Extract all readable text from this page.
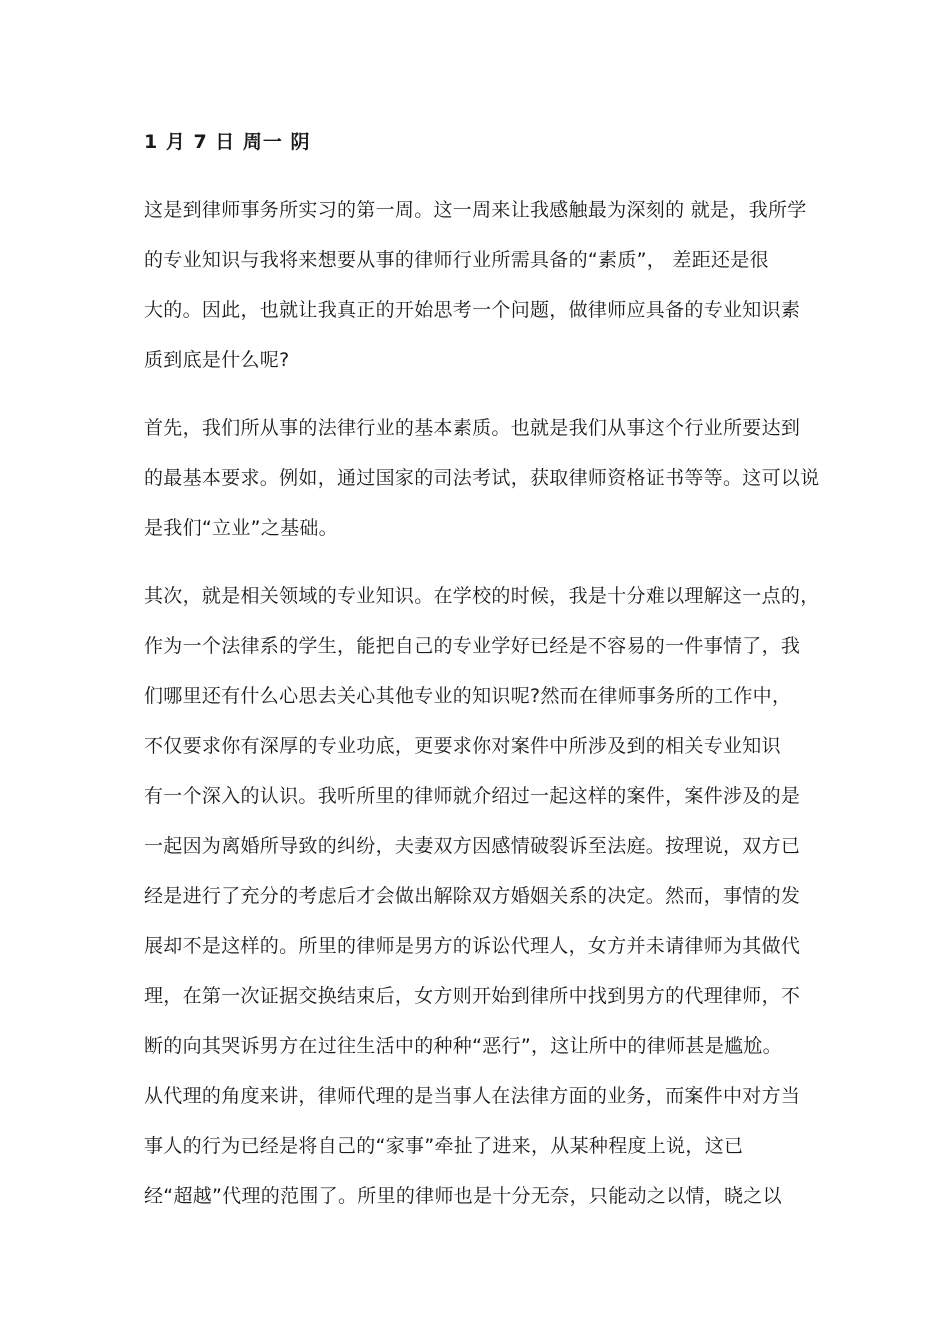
1 月 7 日 周一 阴
这是到律师事务所实习的第一周。这一周来让我感触最为深刻的 就是，我所学
的专业知识与我将来想要从事的律师行业所需具备的“素质”， 差距还是很
大的。因此，也就让我真正的开始思考一个问题，做律师应具备的专业知识素
质到底是什么呢?
首先，我们所从事的法律行业的基本素质。也就是我们从事这个行业所要达到
的最基本要求。例如，通过国家的司法考试，获取律师资格证书等等。这可以说
是我们“立业”之基础。
其次，就是相关领域的专业知识。在学校的时候，我是十分难以理解这一点的，
作为一个法律系的学生，能把自己的专业学好已经是不容易的一件事情了，我
们哪里还有什么心思去关心其他专业的知识呢?然而在律师事务所的工作中，
不仅要求你有深厚的专业功底，更要求你对案件中所涉及到的相关专业知识
有一个深入的认识。我听所里的律师就介绍过一起这样的案件，案件涉及的是
一起因为离婚所导致的纠纷，夫妻双方因感情破裂诉至法庭。按理说，双方已
经是进行了充分的考虑后才会做出解除双方婚姻关系的决定。然而，事情的发
展却不是这样的。所里的律师是男方的诉讼代理人，女方并未请律师为其做代
理，在第一次证据交换结束后，女方则开始到律所中找到男方的代理律师，不
断的向其哭诉男方在过往生活中的种种“恶行”，这让所中的律师甚是尴尬。
从代理的角度来讲，律师代理的是当事人在法律方面的业务，而案件中对方当
事人的行为已经是将自己的“家事”牵扯了进来，从某种程度上说，这已
经“超越”代理的范围了。所里的律师也是十分无奈，只能动之以情，晓之以
